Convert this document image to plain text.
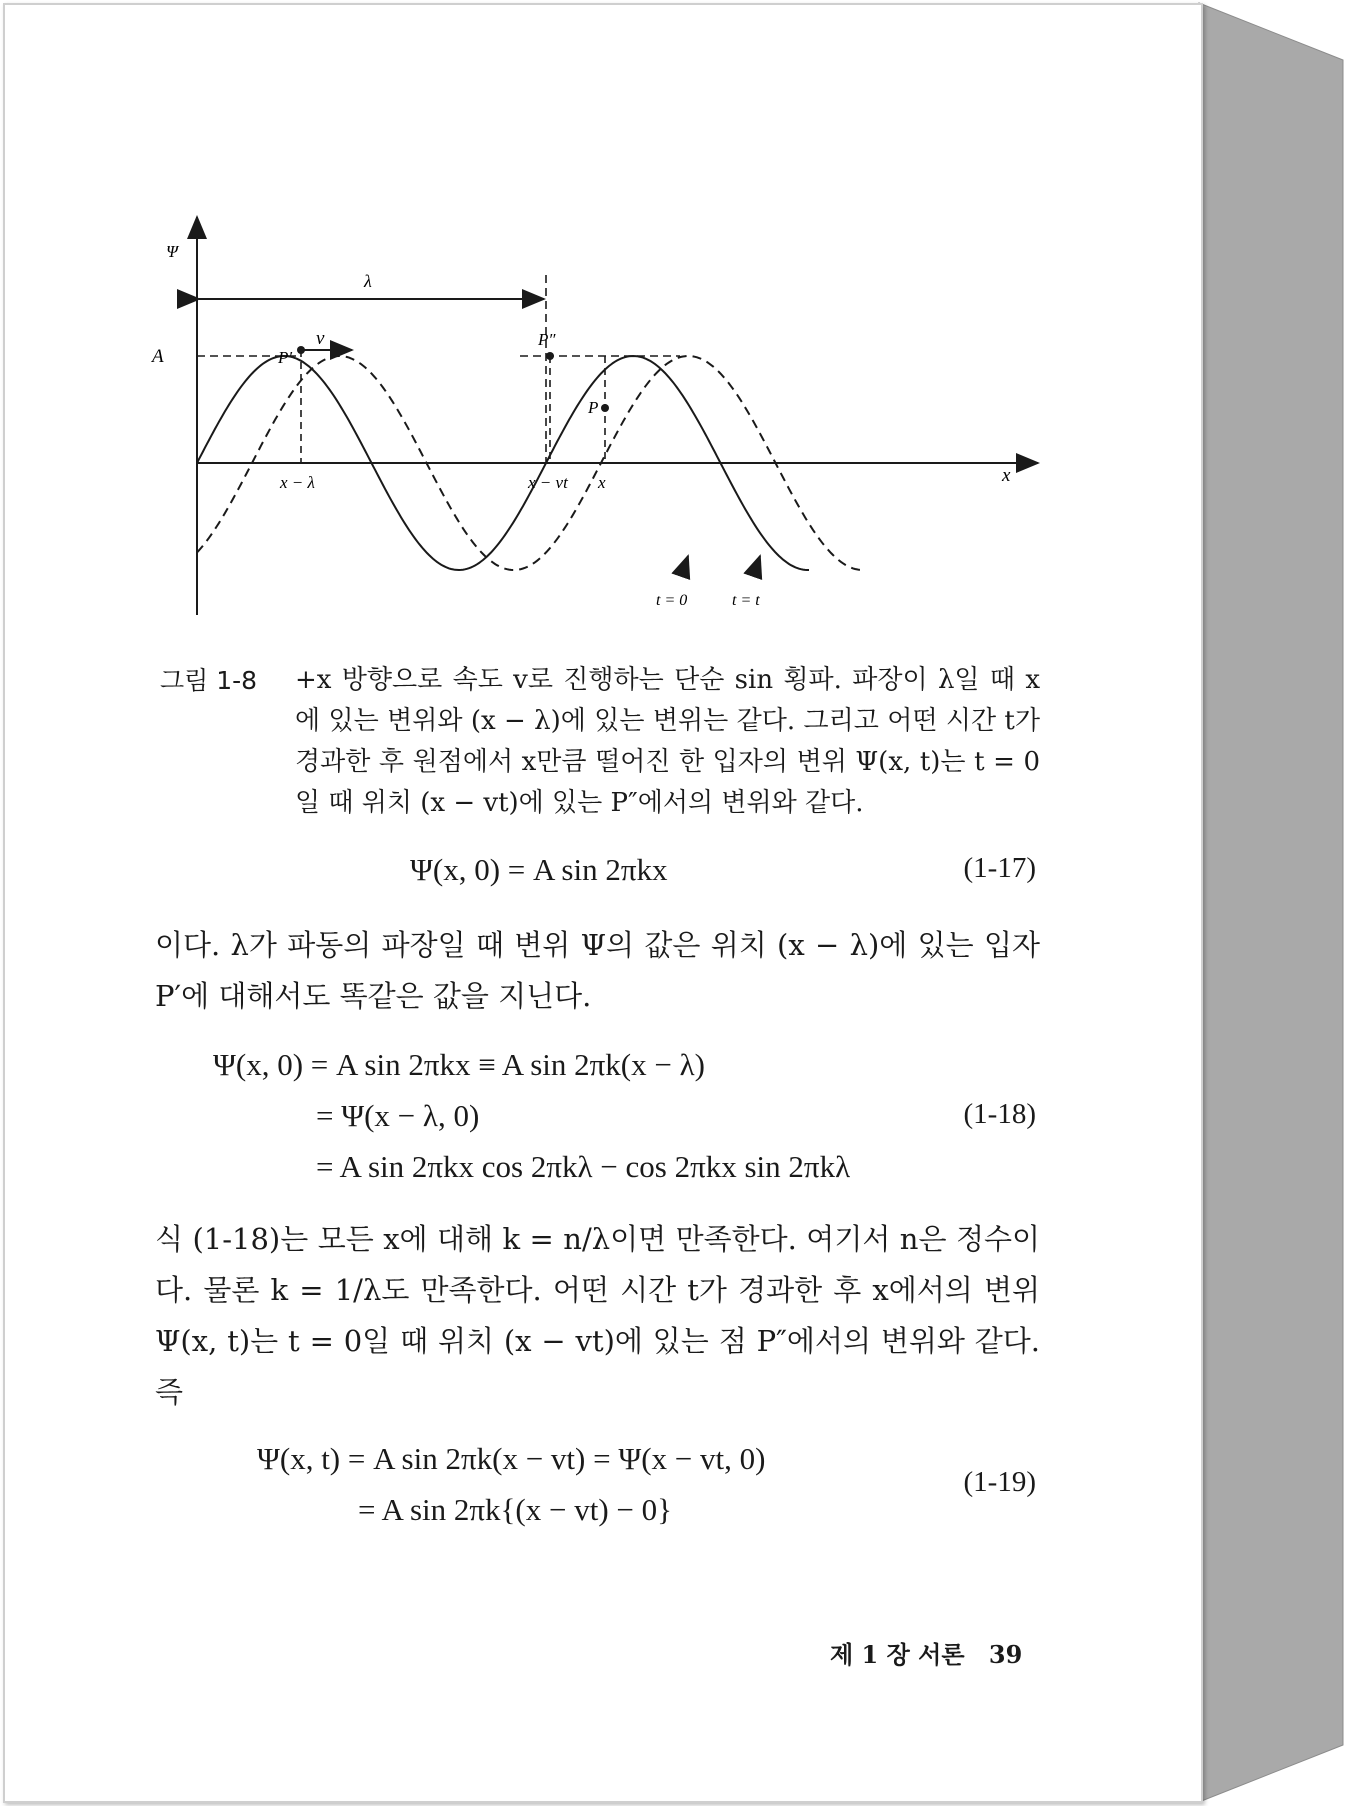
Ψ
x
λ
A	P′
v
x − λ
P″
x − vt
P
x
t = 0	t = t
그림 1-8 +x 방향으로 속도 v로 진행하는 단순 sin 횡파. 파장이 λ일 때 x에 있는 변위와 (x − λ)에 있는 변위는 같다. 그리고 어떤 시간 t가 경과한 후 원점에서 x만큼 떨어진 한 입자의 변위 Ψ(x, t)는 t = 0일 때 위치 (x − vt)에 있는 P″에서의 변위와 같다.
Ψ(x, 0) = A sin 2πkx	(1-17)
이다. λ가 파동의 파장일 때 변위 Ψ의 값은 위치 (x − λ)에 있는 입자 P′에 대해서도 똑같은 값을 지닌다.
Ψ(x, 0) = A sin 2πkx ≡ A sin 2πk(x − λ)
= Ψ(x − λ, 0)
= A sin 2πkx cos 2πkλ − cos 2πkx sin 2πkλ
(1-18)
식 (1-18)는 모든 x에 대해 k = n/λ이면 만족한다. 여기서 n은 정수이다. 물론 k = 1/λ도 만족한다. 어떤 시간 t가 경과한 후 x에서의 변위 Ψ(x, t)는 t = 0일 때 위치 (x − vt)에 있는 점 P″에서의 변위와 같다. 즉
Ψ(x, t) = A sin 2πk(x − vt) = Ψ(x − vt, 0)
= A sin 2πk{(x − vt) − 0}
(1-19)
제 1 장 서론 39
